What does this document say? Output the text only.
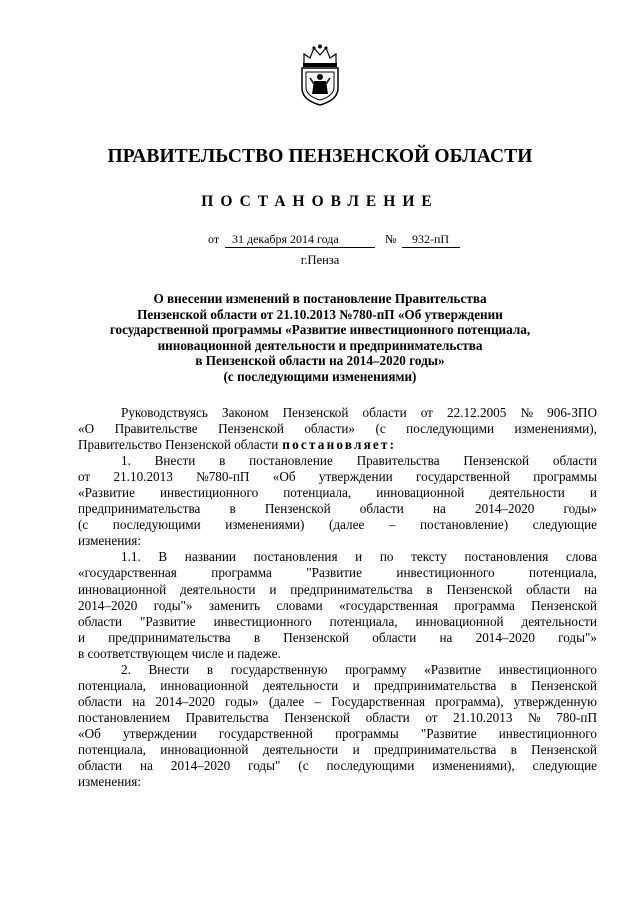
ПРАВИТЕЛЬСТВО ПЕНЗЕНСКОЙ ОБЛАСТИ
ПОСТАНОВЛЕНИЕ
от 31 декабря 2014 года	№ 932-пП
г.Пенза
О внесении изменений в постановление Правительства
Пензенской области от 21.10.2013 №780-пП «Об утверждении
государственной программы «Развитие инвестиционного потенциала,
инновационной деятельности и предпринимательства
в Пензенской области на 2014–2020 годы»
(с последующими изменениями)
Руководствуясь Законом Пензенской области от 22.12.2005 № 906-ЗПО
«О Правительстве Пензенской области» (с последующими изменениями),
Правительство Пензенской области постановляет:
1. Внести в постановление Правительства Пензенской области
от 21.10.2013 №780-пП «Об утверждении государственной программы
«Развитие инвестиционного потенциала, инновационной деятельности и
предпринимательства в Пензенской области на 2014–2020 годы»
(с последующими изменениями) (далее – постановление) следующие
изменения:
1.1. В названии постановления и по тексту постановления слова
«государственная	программа	"Развитие	инвестиционного	потенциала,
инновационной деятельности и предпринимательства в Пензенской области на
2014–2020 годы"» заменить словами «государственная программа Пензенской
области "Развитие инвестиционного потенциала, инновационной деятельности
и предпринимательства в Пензенской области на 2014–2020 годы"»
в соответствующем числе и падеже.
2. Внести в государственную программу «Развитие инвестиционного
потенциала, инновационной деятельности и предпринимательства в Пензенской
области на 2014–2020 годы» (далее – Государственная программа), утвержденную
постановлением Правительства Пензенской области от 21.10.2013 № 780-пП
«Об утверждении государственной программы "Развитие инвестиционного
потенциала, инновационной деятельности и предпринимательства в Пензенской
области на 2014–2020 годы" (с последующими изменениями), следующие
изменения:
